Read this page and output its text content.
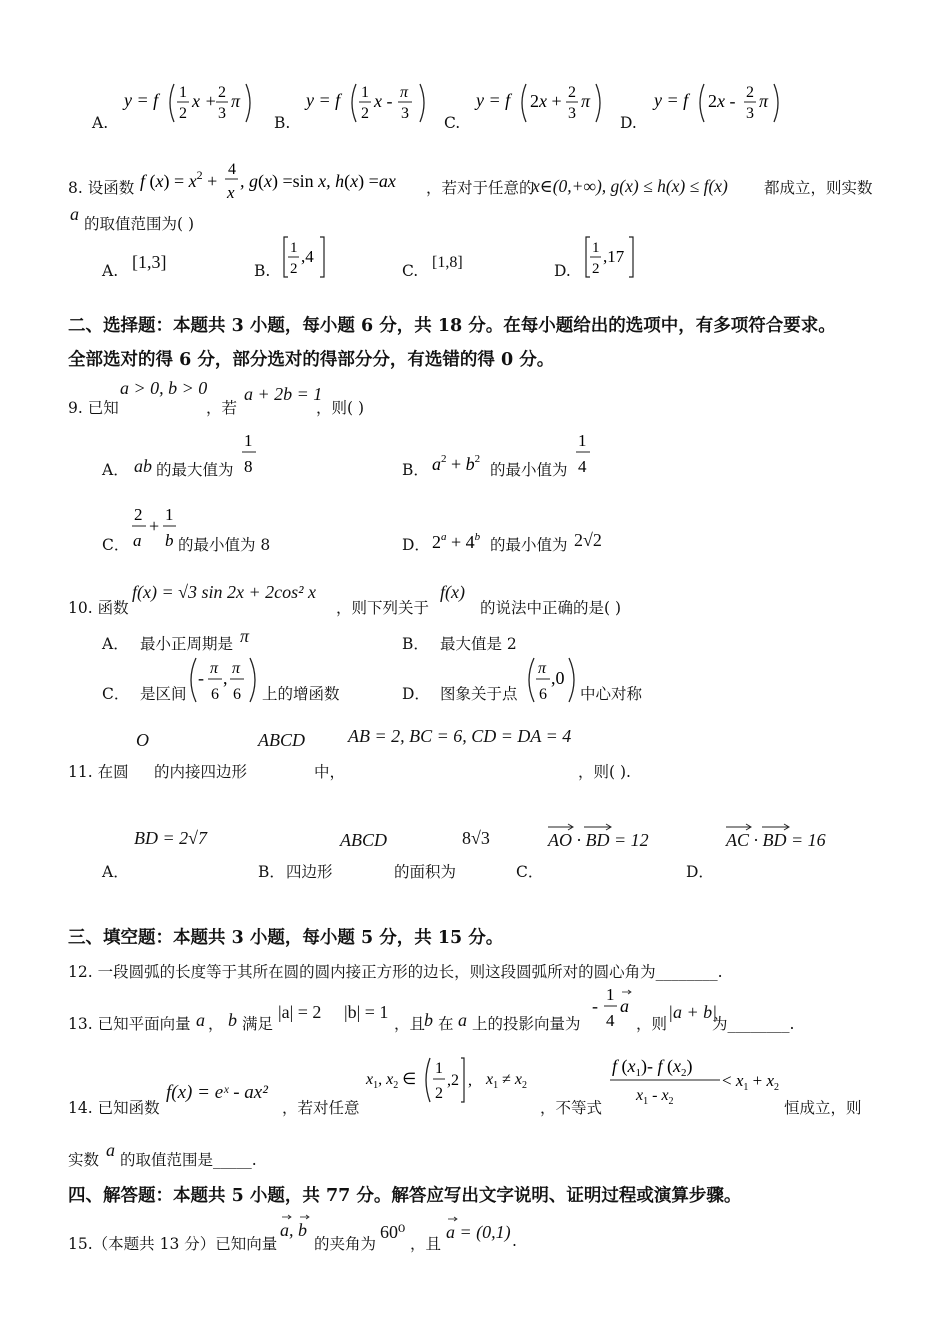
A.
y = f 1
2
x + 2
3
π
B.
y = f 1
2
x - π
3
C.
y = f 2x + 2
3
π
D.
y = f 2x - 2
3
π
8. 设函数 f $(x) = x^2$ +
4
x
, g(x) =sin x, h(x) =ax ，若对于任意的
x∈(0,+∞), g(x) ≤ h(x) ≤ f(x) 都成立，则实数
a 的取值范围为( )
A. [1,3]	B.
1
2
,4
C. [1,8]	D.
1
2
,17
二、选择题：本题共 3 小题，每小题 6 分，共 18 分。在每小题给出的选项中，有多项符合要求。
全部选对的得 6 分，部分选对的得部分分，有选错的得 0 分。
9. 已知
a > 0, b > 0
，若
a + 2b = 1
，则( )
A． ab 的最大值为
1
8	B． $a^2 + b^2$
的最小值为
1
4
C．
2
a
+
1
b 的最小值为 8	D． $2^a + 4^b$ 的最小值为 2√2
10. 函数
f(x) = √3 sin 2x + 2cos² x
，则下列关于
f(x)
的说法中正确的是( )
A． 最小正周期是 π	B． 最大值是 2
C． 是区间
- π
6
, π
6 上的增函数	D． 图象关于点
π
6
,0
中心对称
O	ABCD AB = 2, BC = 6, CD = DA = 4
11. 在圆 的内接四边形	中，	，则( ).
BD = 2√7
A．	B． 四边形
ABCD
的面积为
8√3
C．
AO · BD = 12
D．
AC · BD = 16
三、填空题：本题共 3 小题，每小题 5 分，共 15 分。
12. 一段圆弧的长度等于其所在圆的圆内接正方形的边长，则这段圆弧所对的圆心角为________.
13. 已知平面向量 a ， b 满足
|a| = 2 |b| = 1
，且
b 在 a 上的投影向量为
-
1
4
a
，则
|a + b|
为________.
14. 已知函数
f(x) = eˣ - ax²
，若对任意
$x_1$, $x_2$ ∈
1
2
,2 , $x_1 \ne x_2$
，不等式
f $(x_1)-$ f $(x_2)$
$x_1 - x_2$
< $x_1 + x_2$
恒成立，则
实数 a 的取值范围是_____.
四、解答题：本题共 5 小题，共 77 分。解答应写出文字说明、证明过程或演算步骤。
15.（本题共 13 分）已知向量
a, b
的夹角为
60⁰
，且
a = (0,1) .
